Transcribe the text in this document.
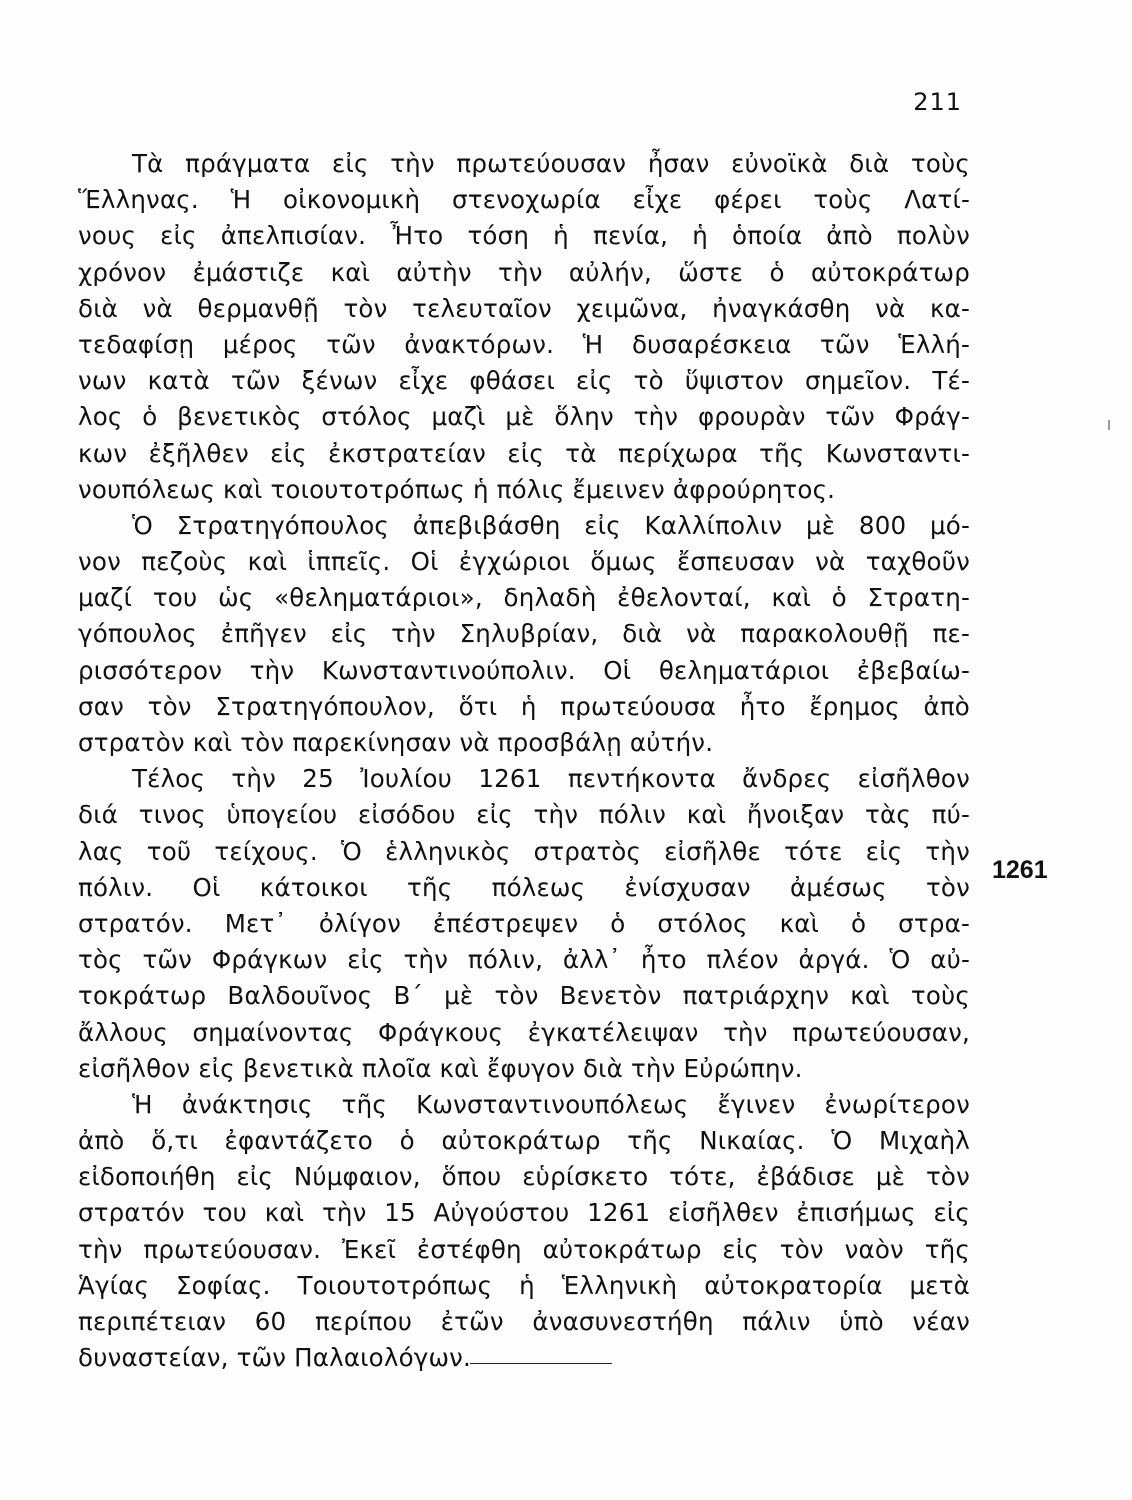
211
Τὰ πράγματα εἰς τὴν πρωτεύουσαν ἦσαν εὐνοϊκὰ διὰ τοὺς
Ἕλληνας. Ἡ οἰκονομικὴ στενοχωρία εἶχε φέρει τοὺς Λατί-
νους εἰς ἀπελπισίαν. Ἦτο τόση ἡ πενία, ἡ ὁποία ἀπὸ πολὺν
χρόνον ἐμάστιζε καὶ αὐτὴν τὴν αὐλήν, ὥστε ὁ αὐτοκράτωρ
διὰ νὰ θερμανθῇ τὸν τελευταῖον χειμῶνα, ἠναγκάσθη νὰ κα-
τεδαφίσῃ μέρος τῶν ἀνακτόρων. Ἡ δυσαρέσκεια τῶν Ἑλλή-
νων κατὰ τῶν ξένων εἶχε φθάσει εἰς τὸ ὕψιστον σημεῖον. Τέ-
λος ὁ βενετικὸς στόλος μαζὶ μὲ ὅλην τὴν φρουρὰν τῶν Φράγ-
κων ἐξῆλθεν εἰς ἐκστρατείαν εἰς τὰ περίχωρα τῆς Κωνσταντι-
νουπόλεως καὶ τοιουτοτρόπως ἡ πόλις ἔμεινεν ἀφρούρητος.
Ὁ Στρατηγόπουλος ἀπεβιβάσθη εἰς Καλλίπολιν μὲ 800 μό-
νον πεζοὺς καὶ ἱππεῖς. Οἱ ἐγχώριοι ὅμως ἔσπευσαν νὰ ταχθοῦν
μαζί του ὡς «θεληματάριοι», δηλαδὴ ἐθελονταί, καὶ ὁ Στρατη-
γόπουλος ἐπῆγεν εἰς τὴν Σηλυβρίαν, διὰ νὰ παρακολουθῇ πε-
ρισσότερον τὴν Κωνσταντινούπολιν. Οἱ θεληματάριοι ἐβεβαίω-
σαν τὸν Στρατηγόπουλον, ὅτι ἡ πρωτεύουσα ἦτο ἔρημος ἀπὸ
στρατὸν καὶ τὸν παρεκίνησαν νὰ προσβάλῃ αὐτήν.
Τέλος τὴν 25 Ἰουλίου 1261 πεντήκοντα ἄνδρες εἰσῆλθον
διά τινος ὑπογείου εἰσόδου εἰς τὴν πόλιν καὶ ἤνοιξαν τὰς πύ-
λας τοῦ τείχους. Ὁ ἑλληνικὸς στρατὸς εἰσῆλθε τότε εἰς τὴν
πόλιν. Οἱ κάτοικοι τῆς πόλεως ἐνίσχυσαν ἀμέσως τὸν
στρατόν. Μετ᾿ ὀλίγον ἐπέστρεψεν ὁ στόλος καὶ ὁ στρα-
τὸς τῶν Φράγκων εἰς τὴν πόλιν, ἀλλ᾿ ἦτο πλέον ἀργά. Ὁ αὐ-
τοκράτωρ Βαλδουῖνος Β´ μὲ τὸν Βενετὸν πατριάρχην καὶ τοὺς
ἄλλους σημαίνοντας Φράγκους ἐγκατέλειψαν τὴν πρωτεύουσαν,
εἰσῆλθον εἰς βενετικὰ πλοῖα καὶ ἔφυγον διὰ τὴν Εὐρώπην.
Ἡ ἀνάκτησις τῆς Κωνσταντινουπόλεως ἔγινεν ἐνωρίτερον
ἀπὸ ὅ,τι ἐφαντάζετο ὁ αὐτοκράτωρ τῆς Νικαίας. Ὁ Μιχαὴλ
εἰδοποιήθη εἰς Νύμφαιον, ὅπου εὑρίσκετο τότε, ἐβάδισε μὲ τὸν
στρατόν του καὶ τὴν 15 Αὐγούστου 1261 εἰσῆλθεν ἐπισήμως εἰς
τὴν πρωτεύουσαν. Ἐκεῖ ἐστέφθη αὐτοκράτωρ εἰς τὸν ναὸν τῆς
Ἁγίας Σοφίας. Τοιουτοτρόπως ἡ Ἑλληνικὴ αὐτοκρατορία μετὰ
περιπέτειαν 60 περίπου ἐτῶν ἀνασυνεστήθη πάλιν ὑπὸ νέαν
δυναστείαν, τῶν Παλαιολόγων.
1261
